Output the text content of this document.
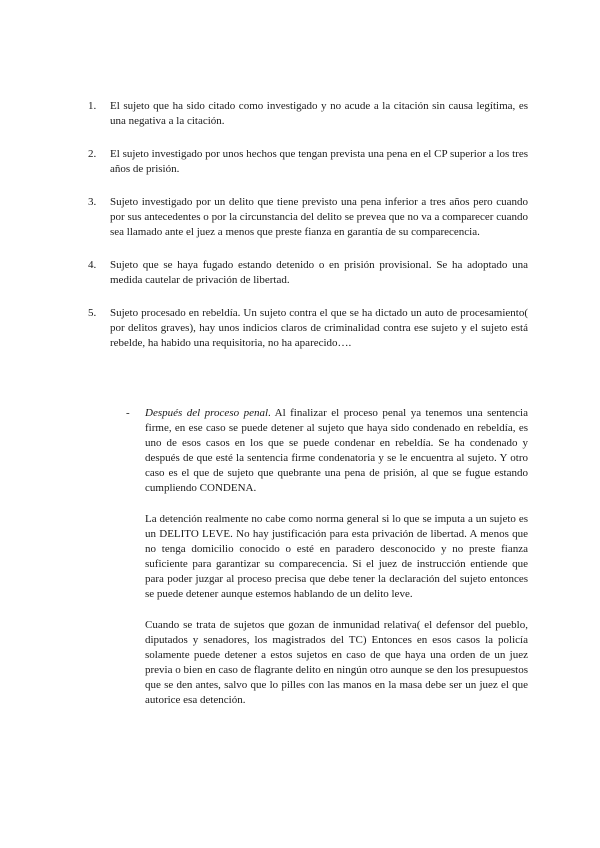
1. El sujeto que ha sido citado como investigado y no acude a la citación sin causa legítima, es una negativa a la citación.
2. El sujeto investigado por unos hechos que tengan prevista una pena en el CP superior a los tres años de prisión.
3. Sujeto investigado por un delito que tiene previsto una pena inferior a tres años pero cuando por sus antecedentes o por la circunstancia del delito se prevea que no va a comparecer cuando sea llamado ante el juez a menos que preste fianza en garantía de su comparecencia.
4. Sujeto que se haya fugado estando detenido o en prisión provisional. Se ha adoptado una medida cautelar de privación de libertad.
5. Sujeto procesado en rebeldía. Un sujeto contra el que se ha dictado un auto de procesamiento( por delitos graves), hay unos indicios claros de criminalidad contra ese sujeto y el sujeto está rebelde, ha habido una requisitoria, no ha aparecido….
- Después del proceso penal. Al finalizar el proceso penal ya tenemos una sentencia firme, en ese caso se puede detener al sujeto que haya sido condenado en rebeldía, es uno de esos casos en los que se puede condenar en rebeldía. Se ha condenado y después de que esté la sentencia firme condenatoria y se le encuentra al sujeto. Y otro caso es el que de sujeto que quebrante una pena de prisión, al que se fugue estando cumpliendo CONDENA.

La detención realmente no cabe como norma general si lo que se imputa a un sujeto es un DELITO LEVE. No hay justificación para esta privación de libertad. A menos que no tenga domicilio conocido o esté en paradero desconocido y no preste fianza suficiente para garantizar su comparecencia. Si el juez de instrucción entiende que para poder juzgar al proceso precisa que debe tener la declaración del sujeto entonces se puede detener aunque estemos hablando de un delito leve.

Cuando se trata de sujetos que gozan de inmunidad relativa( el defensor del pueblo, diputados y senadores, los magistrados del TC) Entonces en esos casos la policía solamente puede detener a estos sujetos en caso de que haya una orden de un juez previa o bien en caso de flagrante delito en ningún otro aunque se den los presupuestos que se den antes, salvo que lo pilles con las manos en la masa debe ser un juez el que autorice esa detención.
